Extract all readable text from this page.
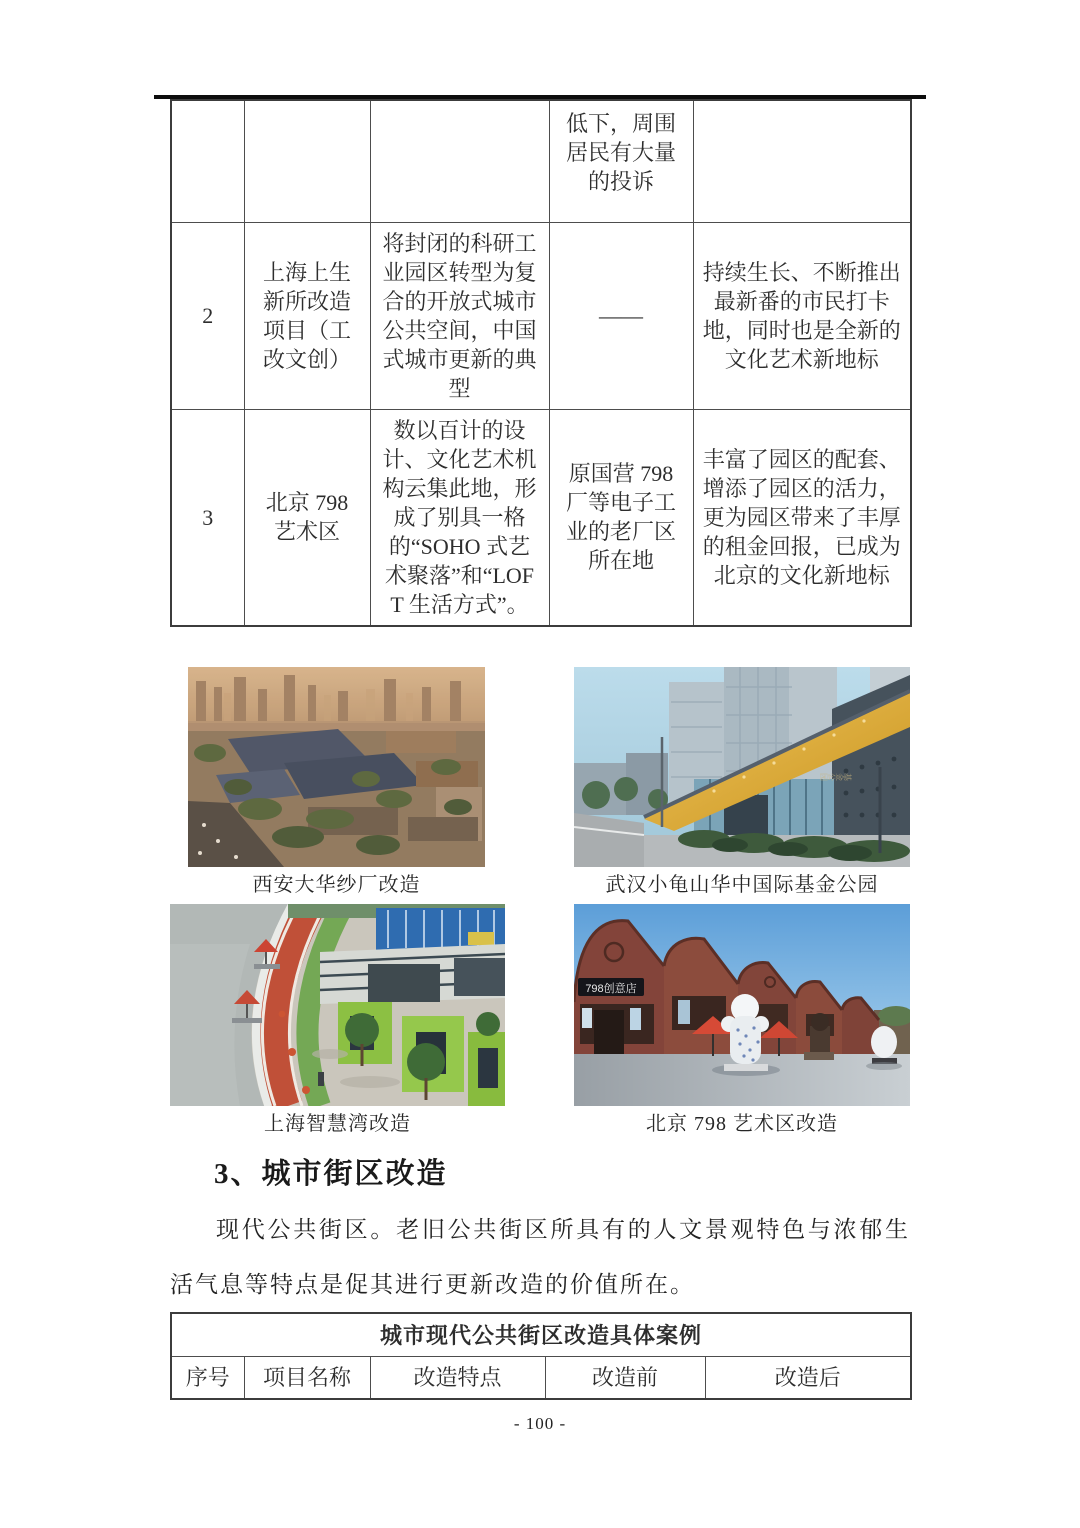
			低下，周围居民有大量的投诉	
2	上海上生新所改造项目（工改文创）	将封闭的科研工业园区转型为复合的开放式城市公共空间，中国式城市更新的典型	——	持续生长、不断推出最新番的市民打卡地，同时也是全新的文化艺术新地标
3	北京 798 艺术区	数以百计的设计、文化艺术机构云集此地，形成了别具一格的“SOHO 式艺术聚落”和“LOFT 生活方式”。	原国营 798 厂等电子工业的老厂区所在地	丰富了园区的配套、增添了园区的活力，更为园区带来了丰厚的租金回报，已成为北京的文化新地标
西安大华纱厂改造
基金公园
武汉小龟山华中国际基金公园
上海智慧湾改造
798创意店
北京 798 艺术区改造
3、城市街区改造
现代公共街区。老旧公共街区所具有的人文景观特色与浓郁生活气息等特点是促其进行更新改造的价值所在。
城市现代公共街区改造具体案例
序号	项目名称	改造特点	改造前	改造后
- 100 -
